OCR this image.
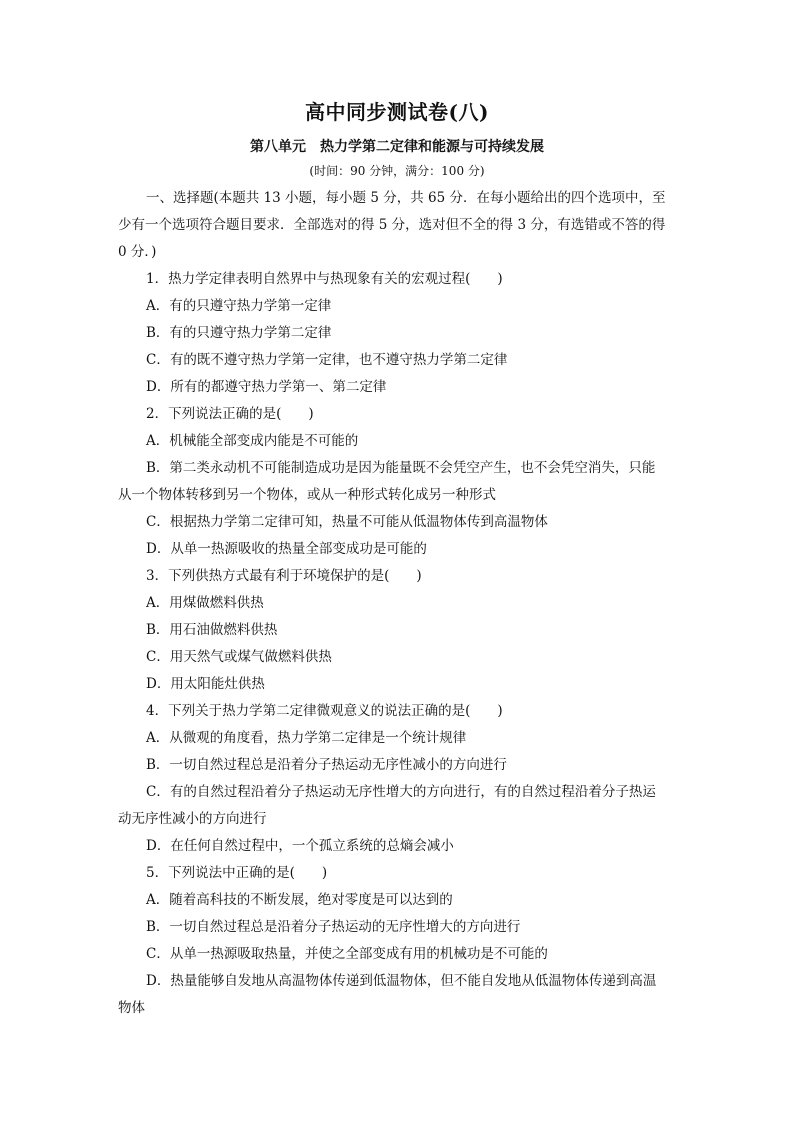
高中同步测试卷(八)
第八单元　热力学第二定律和能源与可持续发展
(时间：90 分钟，满分：100 分)
一、选择题(本题共 13 小题，每小题 5 分，共 65 分．在每小题给出的四个选项中，至
少有一个选项符合题目要求．全部选对的得 5 分，选对但不全的得 3 分，有选错或不答的得
0 分．)
1．热力学定律表明自然界中与热现象有关的宏观过程(　　)
A．有的只遵守热力学第一定律
B．有的只遵守热力学第二定律
C．有的既不遵守热力学第一定律，也不遵守热力学第二定律
D．所有的都遵守热力学第一、第二定律
2．下列说法正确的是(　　)
A．机械能全部变成内能是不可能的
B．第二类永动机不可能制造成功是因为能量既不会凭空产生，也不会凭空消失，只能
从一个物体转移到另一个物体，或从一种形式转化成另一种形式
C．根据热力学第二定律可知，热量不可能从低温物体传到高温物体
D．从单一热源吸收的热量全部变成功是可能的
3．下列供热方式最有利于环境保护的是(　　)
A．用煤做燃料供热
B．用石油做燃料供热
C．用天然气或煤气做燃料供热
D．用太阳能灶供热
4．下列关于热力学第二定律微观意义的说法正确的是(　　)
A．从微观的角度看，热力学第二定律是一个统计规律
B．一切自然过程总是沿着分子热运动无序性减小的方向进行
C．有的自然过程沿着分子热运动无序性增大的方向进行，有的自然过程沿着分子热运
动无序性减小的方向进行
D．在任何自然过程中，一个孤立系统的总熵会减小
5．下列说法中正确的是(　　)
A．随着高科技的不断发展，绝对零度是可以达到的
B．一切自然过程总是沿着分子热运动的无序性增大的方向进行
C．从单一热源吸取热量，并使之全部变成有用的机械功是不可能的
D．热量能够自发地从高温物体传递到低温物体，但不能自发地从低温物体传递到高温
物体
